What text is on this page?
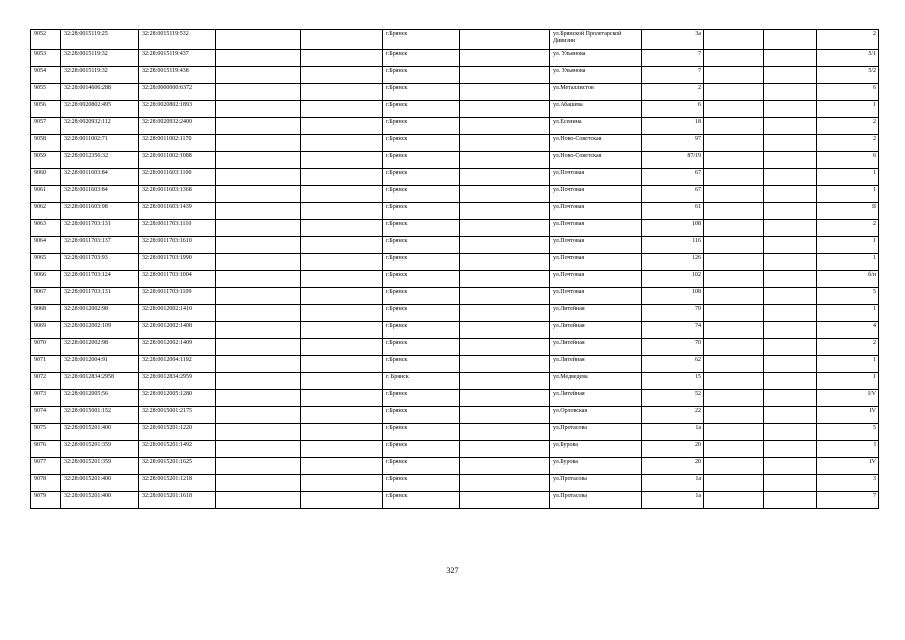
9052	32:28:0015119:25	32:28:0015119:532			г.Брянск		ул.Брянской Пролетарской Дивизии	3а			2
9053	32:28:0015119:32	32:28:0015119:437			г.Брянск		ул. Ульянова	7			5/1
9054	32:28:0015119:32	32:28:0015119:438			г.Брянск		ул. Ульянова	7			5/2
9055	32:28:0014606:288	32:28:0000000:6372			г.Брянск		ул.Металлистов	2			6
9056	32:28:0020802:495	32:28:0020802:1893			г.Брянск		ул.Абашева	6			1
9057	32:28:0020932:112	32:28:0020932:2400			г.Брянск		ул.Есенина	18			2
9058	32:28:0011002:71	32:28:0011002:1170			г.Брянск		ул.Ново-Советская	97			2
9059	32:28:0012356:32	32:28:0011002:1088			г.Брянск		ул.Ново-Советская	87/19			6
9060	32:28:0011603:84	32:28:0011603:1100			г.Брянск		ул.Почтовая	67			1
9061	32:28:0011603:84	32:28:0011603:1368			г.Брянск		ул.Почтовая	67			1
9062	32:28:0011603:98	32:28:0011603:1439			г.Брянск		ул.Почтовая	61			II
9063	32:28:0011703:131	32:28:0011703:1110			г.Брянск		ул.Почтовая	108			2
9064	32:28:0011703:137	32:28:0011703:1610			г.Брянск		ул.Почтовая	116			1
9065	32:28:0011703:93	32:28:0011703:1990			г.Брянск		ул.Почтовая	126			1
9066	32:28:0011703:124	32:28:0011703:1004			г.Брянск		ул.Почтовая	102			б/н
9067	32:28:0011703:131	32:28:0011703:1109			г.Брянск		ул.Почтовая	108			5
9068	32:28:0012002:98	32:28:0012002:1410			г.Брянск		ул.Литейная	70			1
9069	32:28:0012002:109	32:28:0012002:1408			г.Брянск		ул.Литейная	74			4
9070	32:28:0012002:98	32:28:0012002:1409			г.Брянск		ул.Литейная	70			2
9071	32:28:0012004:91	32:28:0012004:1192			г.Брянск		ул.Литейная	62			1
9072	32:28:0012834:2958	32:28:0012834:2959			г. Брянск		ул.Медведева	15			1
9073	32:28:0012005:56	32:28:0012005:1280			г.Брянск		ул.Литейная	52			I/V
9074	32:28:0015001:152	32:28:0015001:2175			г.Брянск		ул.Орловская	22			IV
9075	32:28:0015201:400	32:28:0015201:1220			г.Брянск		ул.Протасова	1а			5
9076	32:28:0015201:359	32:28:0015201:1492			г.Брянск		ул.Бурова	20			I
9077	32:28:0015201:359	32:28:0015201:1625			г.Брянск		ул.Бурова	20			IV
9078	32:28:0015201:400	32:28:0015201:1218			г.Брянск		ул.Протасова	1а			3
9079	32:28:0015201:400	32:28:0015201:1618			г.Брянск		ул.Протасова	1а			7
327
